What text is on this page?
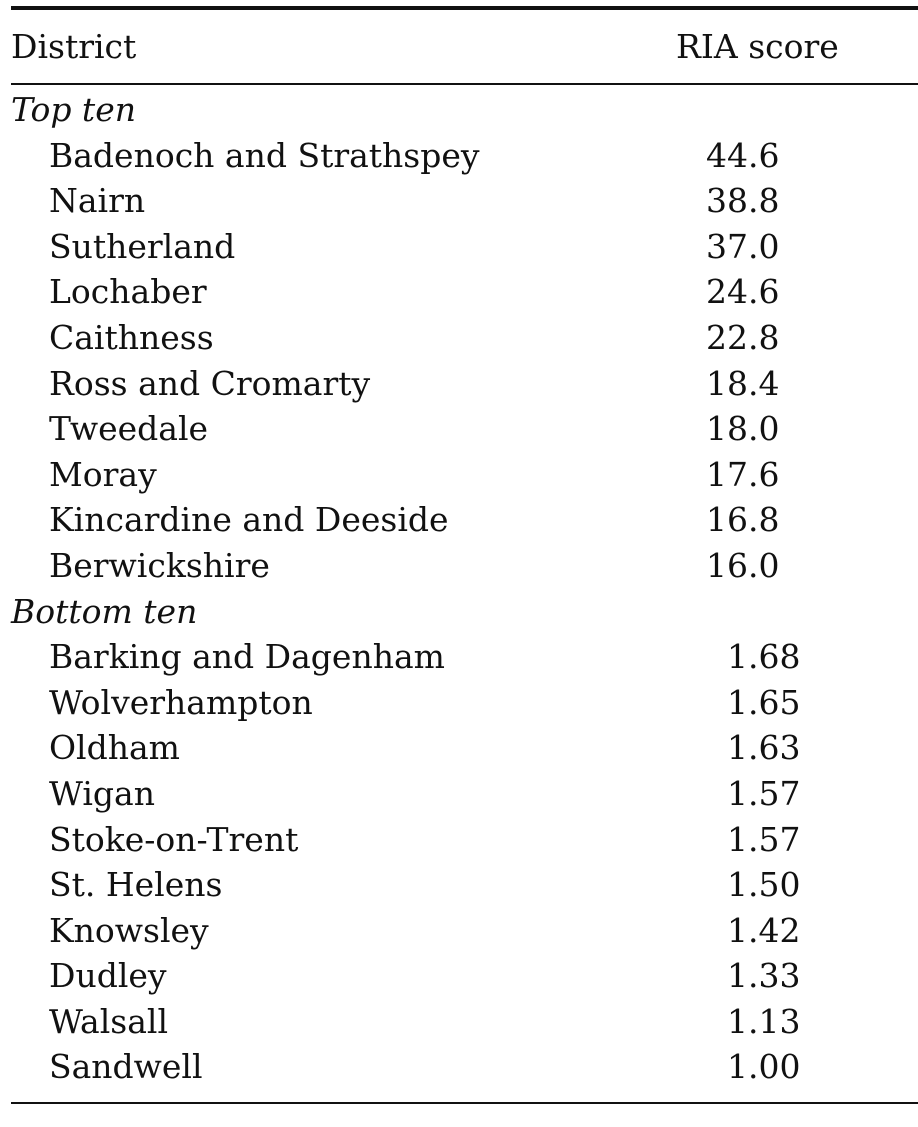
District	RIA score
Top ten
Badenoch and Strathspey	44.6
Nairn	38.8
Sutherland	37.0
Lochaber	24.6
Caithness	22.8
Ross and Cromarty	18.4
Tweedale	18.0
Moray	17.6
Kincardine and Deeside	16.8
Berwickshire	16.0
Bottom ten
Barking and Dagenham	1.68
Wolverhampton	1.65
Oldham	1.63
Wigan	1.57
Stoke-on-Trent	1.57
St. Helens	1.50
Knowsley	1.42
Dudley	1.33
Walsall	1.13
Sandwell	1.00
